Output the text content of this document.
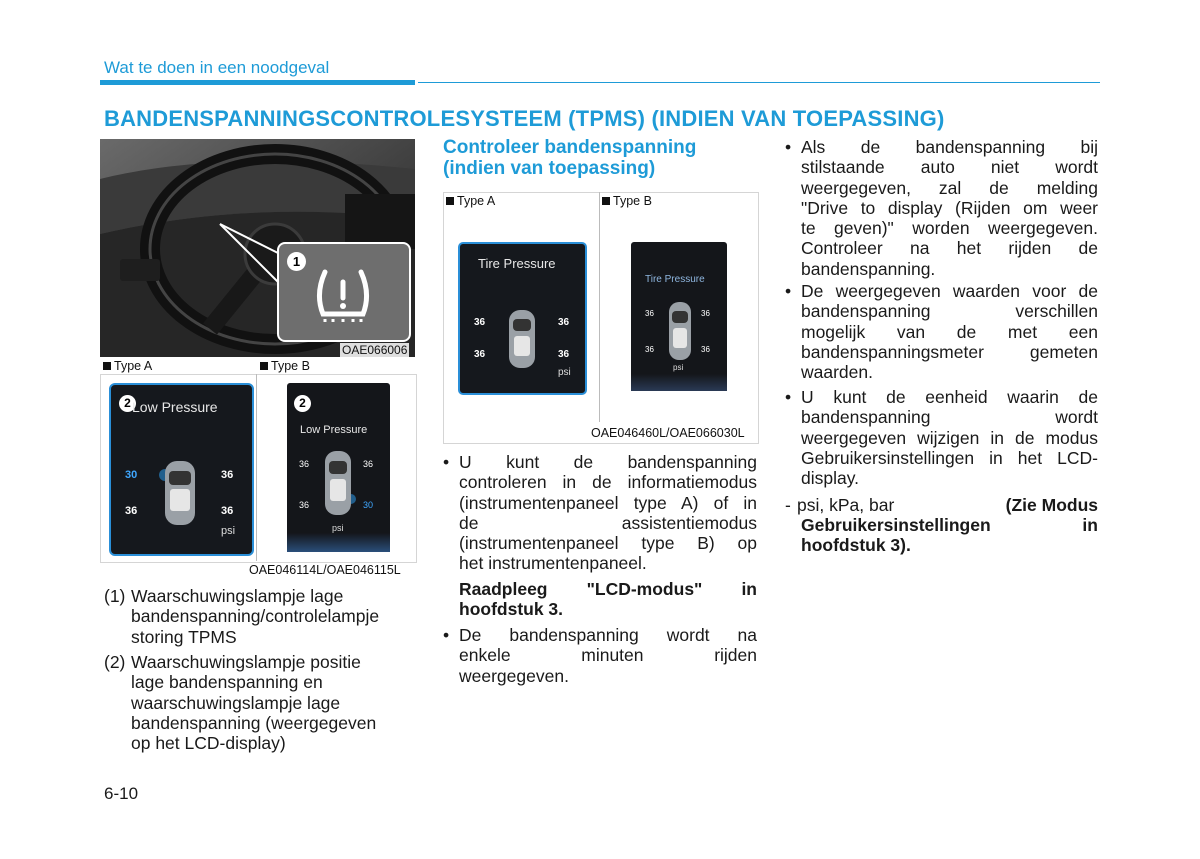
Wat te doen in een noodgeval
BANDENSPANNINGSCONTROLESYSTEEM (TPMS) (INDIEN VAN TOEPASSING)
1
OAE066006
Type A	Type B
2 Low Pressure
30	36
36	36
psi
2
Low Pressure
36	36
36	30
psi
OAE046114L/OAE046115L
(1) Waarschuwingslampje lage
bandenspanning/controlelampje
storing TPMS
(2) Waarschuwingslampje positie
lage bandenspanning en
waarschuwingslampje lage
bandenspanning (weergegeven
op het LCD-display)
Controleer bandenspanning
(indien van toepassing)
Type A	Type B
Tire Pressure
36	36
36	36
psi
Tire Pressure
36	36
36	36
psi
OAE046460L/OAE066030L
• U kunt de bandenspanning
controleren in de informatiemodus
(instrumentenpaneel type A) of in
de assistentiemodus
(instrumentenpaneel type B) op
het instrumentenpaneel.
Raadpleeg "LCD-modus" in
hoofdstuk 3.
• De bandenspanning wordt na
enkele minuten rijden
weergegeven.
• Als de bandenspanning bij
stilstaande auto niet wordt
weergegeven, zal de melding
"Drive to display (Rijden om weer
te geven)" worden weergegeven.
Controleer na het rijden de
bandenspanning.
• De weergegeven waarden voor de
bandenspanning verschillen
mogelijk van de met een
bandenspanningsmeter gemeten
waarden.
• U kunt de eenheid waarin de
bandenspanning wordt
weergegeven wijzigen in de modus
Gebruikersinstellingen in het LCD-
display.
- psi, kPa, bar	(Zie Modus
Gebruikersinstellingen in
hoofdstuk 3).
6-10
